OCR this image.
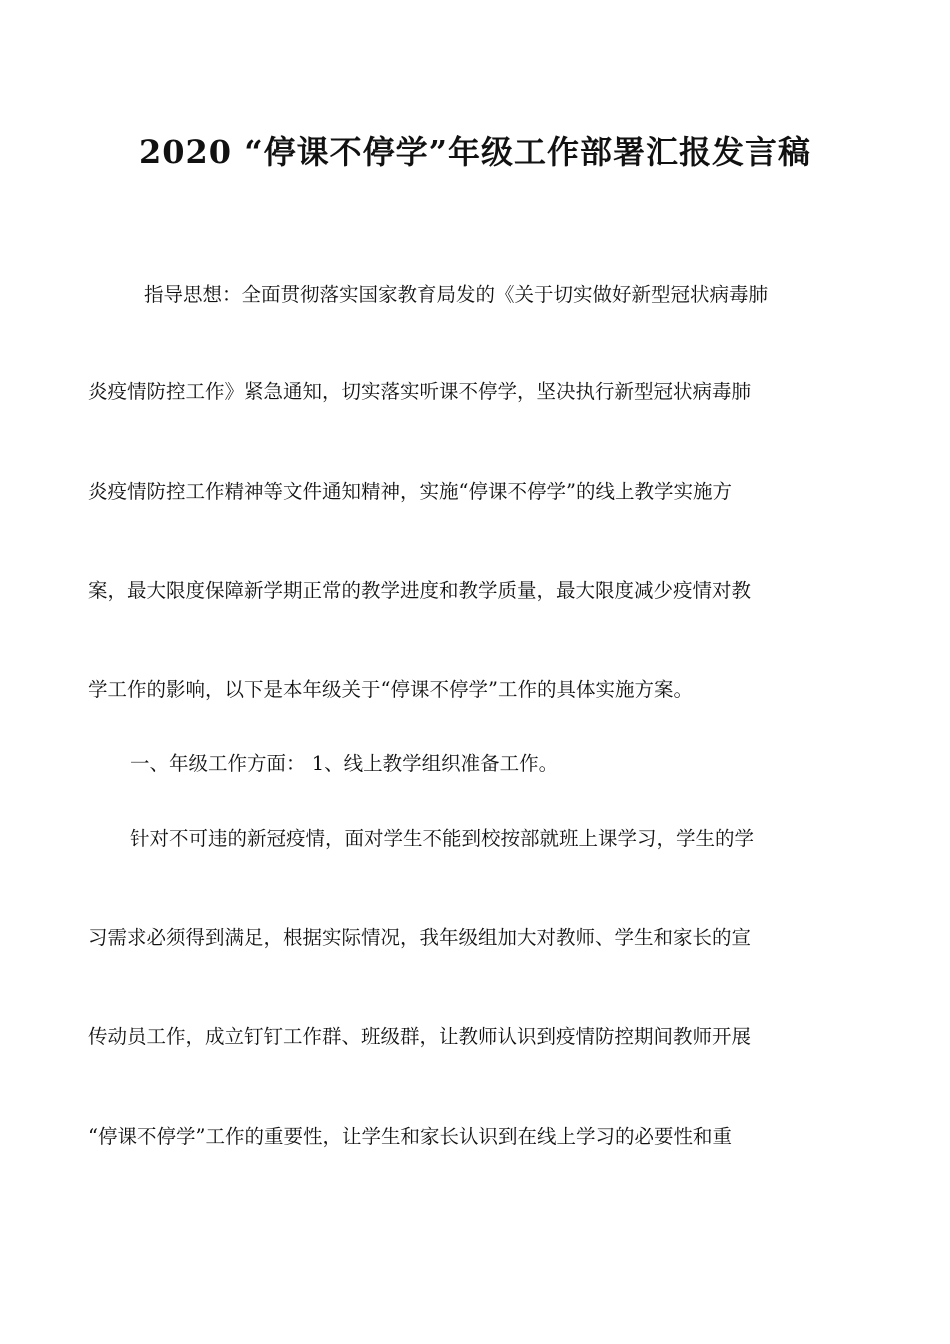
2020 “停课不停学”年级工作部署汇报发言稿
指导思想：全面贯彻落实国家教育局发的《关于切实做好新型冠状病毒肺
炎疫情防控工作》紧急通知，切实落实听课不停学，坚决执行新型冠状病毒肺
炎疫情防控工作精神等文件通知精神，实施“停课不停学”的线上教学实施方
案，最大限度保障新学期正常的教学进度和教学质量，最大限度减少疫情对教
学工作的影响，以下是本年级关于“停课不停学”工作的具体实施方案。
一、年级工作方面： 1、线上教学组织准备工作。
针对不可违的新冠疫情，面对学生不能到校按部就班上课学习，学生的学
习需求必须得到满足，根据实际情况，我年级组加大对教师、学生和家长的宣
传动员工作，成立钉钉工作群、班级群，让教师认识到疫情防控期间教师开展
“停课不停学”工作的重要性，让学生和家长认识到在线上学习的必要性和重
